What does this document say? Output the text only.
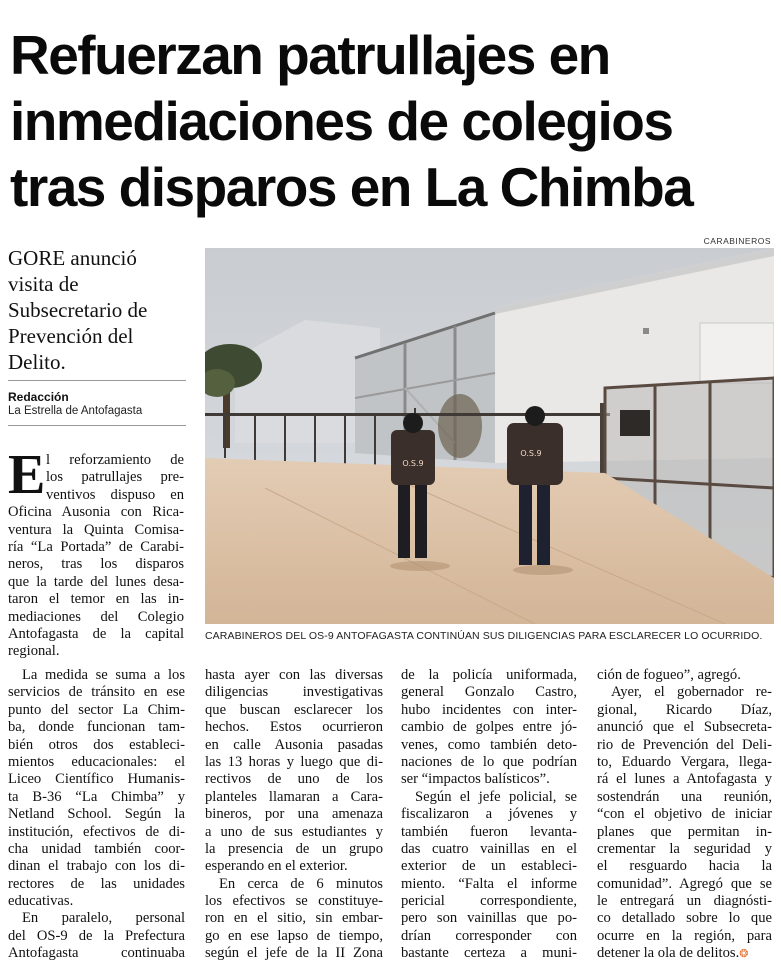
Refuerzan patrullajes en
inmediaciones de colegios
tras disparos en La Chimba
GORE anunció
visita de
Subsecretario de
Prevención del
Delito.
Redacción
La Estrella de Antofagasta
CARABINEROS
O.S.9
O.S.9
CARABINEROS DEL OS-9 ANTOFAGASTA CONTINÚAN SUS DILIGENCIAS PARA ESCLARECER LO OCURRIDO.
E l reforzamiento de
los patrullajes pre-
ventivos dispuso en
Oficina Ausonia con Rica-
ventura la Quinta Comisa-
ría “La Portada” de Carabi-
neros, tras los disparos
que la tarde del lunes desa-
taron el temor en las in-
mediaciones del Colegio
Antofagasta de la capital
regional.
La medida se suma a los
servicios de tránsito en ese
punto del sector La Chim-
ba, donde funcionan tam-
bién otros dos estableci-
mientos educacionales: el
Liceo Científico Humanis-
ta B-36 “La Chimba” y
Netland School. Según la
institución, efectivos de di-
cha unidad también coor-
dinan el trabajo con los di-
rectores de las unidades
educativas.
En paralelo, personal
del OS-9 de la Prefectura
Antofagasta continuaba
hasta ayer con las diversas
diligencias investigativas
que buscan esclarecer los
hechos. Estos ocurrieron
en calle Ausonia pasadas
las 13 horas y luego que di-
rectivos de uno de los
planteles llamaran a Cara-
bineros, por una amenaza
a uno de sus estudiantes y
la presencia de un grupo
esperando en el exterior.
En cerca de 6 minutos
los efectivos se constituye-
ron en el sitio, sin embar-
go en ese lapso de tiempo,
según el jefe de la II Zona
de la policía uniformada,
general Gonzalo Castro,
hubo incidentes con inter-
cambio de golpes entre jó-
venes, como también deto-
naciones de lo que podrían
ser “impactos balísticos”.
Según el jefe policial, se
fiscalizaron a jóvenes y
también fueron levanta-
das cuatro vainillas en el
exterior de un estableci-
miento. “Falta el informe
pericial correspondiente,
pero son vainillas que po-
drían corresponder con
bastante certeza a muni-
ción de fogueo”, agregó.
Ayer, el gobernador re-
gional, Ricardo Díaz,
anunció que el Subsecreta-
rio de Prevención del Deli-
to, Eduardo Vergara, llega-
rá el lunes a Antofagasta y
sostendrán una reunión,
“con el objetivo de iniciar
planes que permitan in-
crementar la seguridad y
el resguardo hacia la
comunidad”. Agregó que se
le entregará un diagnósti-
co detallado sobre lo que
ocurre en la región, para
detener la ola de delitos.❂
